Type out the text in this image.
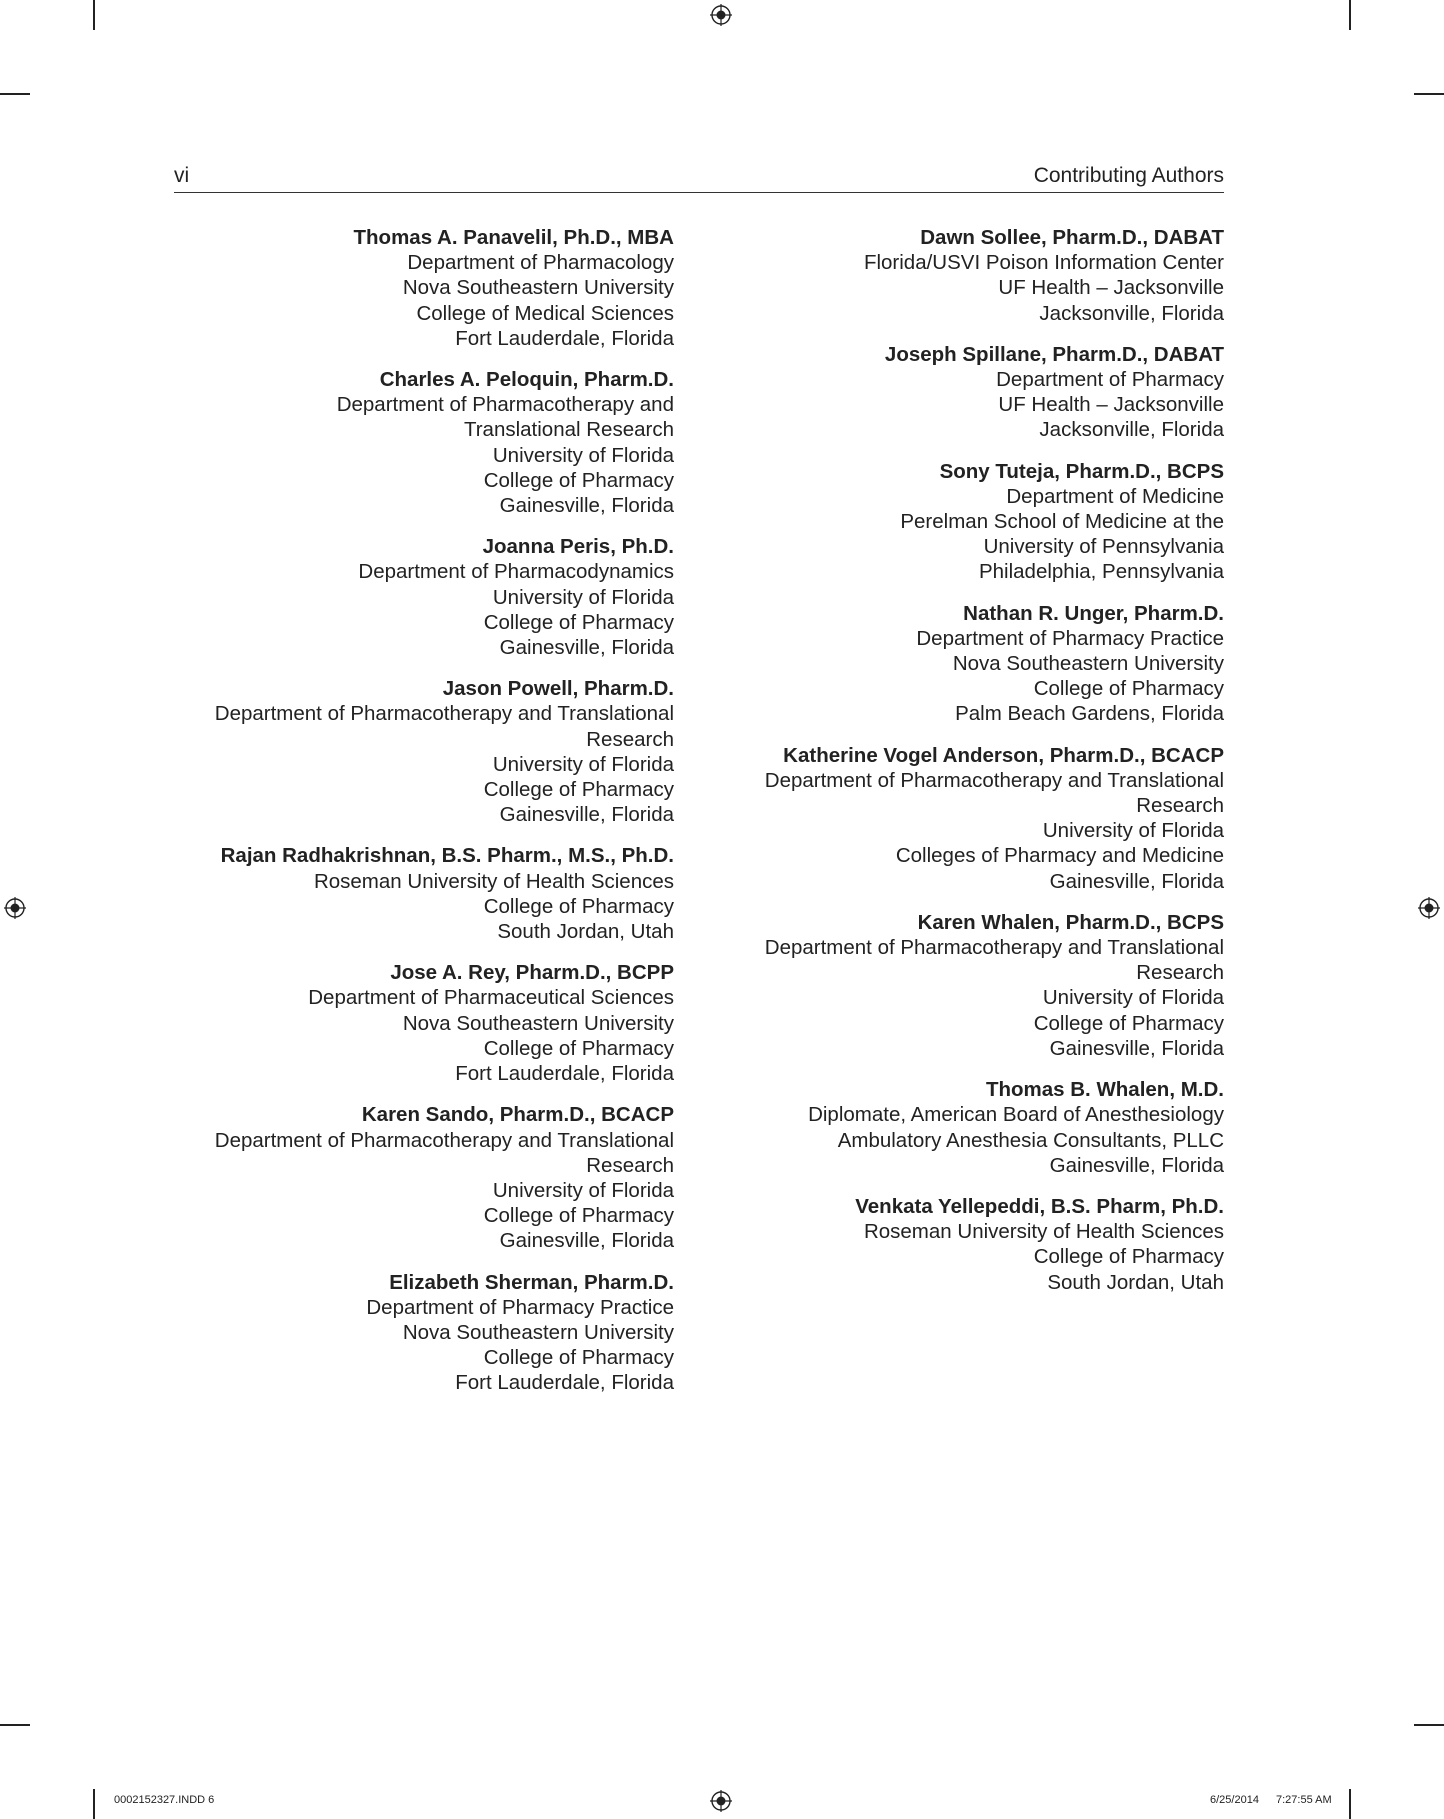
vi	Contributing Authors
Thomas A. Panavelil, Ph.D., MBA
Department of Pharmacology
Nova Southeastern University
College of Medical Sciences
Fort Lauderdale, Florida
Charles A. Peloquin, Pharm.D.
Department of Pharmacotherapy and
Translational Research
University of Florida
College of Pharmacy
Gainesville, Florida
Joanna Peris, Ph.D.
Department of Pharmacodynamics
University of Florida
College of Pharmacy
Gainesville, Florida
Jason Powell, Pharm.D.
Department of Pharmacotherapy and Translational
Research
University of Florida
College of Pharmacy
Gainesville, Florida
Rajan Radhakrishnan, B.S. Pharm., M.S., Ph.D.
Roseman University of Health Sciences
College of Pharmacy
South Jordan, Utah
Jose A. Rey, Pharm.D., BCPP
Department of Pharmaceutical Sciences
Nova Southeastern University
College of Pharmacy
Fort Lauderdale, Florida
Karen Sando, Pharm.D., BCACP
Department of Pharmacotherapy and Translational
Research
University of Florida
College of Pharmacy
Gainesville, Florida
Elizabeth Sherman, Pharm.D.
Department of Pharmacy Practice
Nova Southeastern University
College of Pharmacy
Fort Lauderdale, Florida
Dawn Sollee, Pharm.D., DABAT
Florida/USVI Poison Information Center
UF Health – Jacksonville
Jacksonville, Florida
Joseph Spillane, Pharm.D., DABAT
Department of Pharmacy
UF Health – Jacksonville
Jacksonville, Florida
Sony Tuteja, Pharm.D., BCPS
Department of Medicine
Perelman School of Medicine at the
University of Pennsylvania
Philadelphia, Pennsylvania
Nathan R. Unger, Pharm.D.
Department of Pharmacy Practice
Nova Southeastern University
College of Pharmacy
Palm Beach Gardens, Florida
Katherine Vogel Anderson, Pharm.D., BCACP
Department of Pharmacotherapy and Translational
Research
University of Florida
Colleges of Pharmacy and Medicine
Gainesville, Florida
Karen Whalen, Pharm.D., BCPS
Department of Pharmacotherapy and Translational
Research
University of Florida
College of Pharmacy
Gainesville, Florida
Thomas B. Whalen, M.D.
Diplomate, American Board of Anesthesiology
Ambulatory Anesthesia Consultants, PLLC
Gainesville, Florida
Venkata Yellepeddi, B.S. Pharm, Ph.D.
Roseman University of Health Sciences
College of Pharmacy
South Jordan, Utah
0002152327.INDD 6	6/25/2014 7:27:55 AM
